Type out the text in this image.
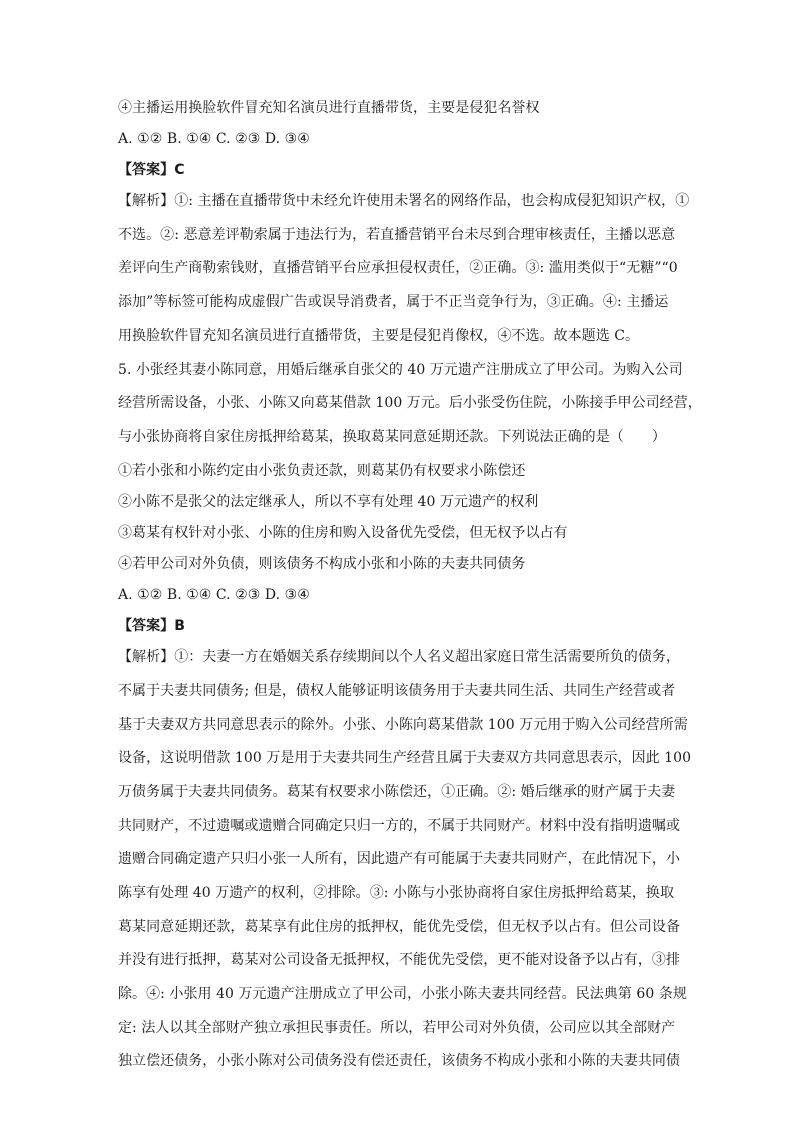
④主播运用换脸软件冒充知名演员进行直播带货，主要是侵犯名誉权

A. ①② B. ①④ C. ②③ D. ③④

【答案】C

【解析】①: 主播在直播带货中未经允许使用未署名的网络作品，也会构成侵犯知识产权，①

不选。②: 恶意差评勒索属于违法行为，若直播营销平台未尽到合理审核责任，主播以恶意

差评向生产商勒索钱财，直播营销平台应承担侵权责任，②正确。③: 滥用类似于“无糖”“0

添加”等标签可能构成虚假广告或误导消费者，属于不正当竞争行为，③正确。④: 主播运

用换脸软件冒充知名演员进行直播带货，主要是侵犯肖像权，④不选。故本题选 C。

5. 小张经其妻小陈同意，用婚后继承自张父的 40 万元遗产注册成立了甲公司。为购入公司

经营所需设备，小张、小陈又向葛某借款 100 万元。后小张受伤住院，小陈接手甲公司经营，

与小张协商将自家住房抵押给葛某，换取葛某同意延期还款。下列说法正确的是（　　）

①若小张和小陈约定由小张负责还款，则葛某仍有权要求小陈偿还

②小陈不是张父的法定继承人，所以不享有处理 40 万元遗产的权利

③葛某有权针对小张、小陈的住房和购入设备优先受偿，但无权予以占有

④若甲公司对外负债，则该债务不构成小张和小陈的夫妻共同债务

A. ①② B. ①④ C. ②③ D. ③④

【答案】B

【解析】①：夫妻一方在婚姻关系存续期间以个人名义超出家庭日常生活需要所负的债务，

不属于夫妻共同债务; 但是，债权人能够证明该债务用于夫妻共同生活、共同生产经营或者

基于夫妻双方共同意思表示的除外。小张、小陈向葛某借款 100 万元用于购入公司经营所需

设备，这说明借款 100 万是用于夫妻共同生产经营且属于夫妻双方共同意思表示，因此 100

万债务属于夫妻共同债务。葛某有权要求小陈偿还，①正确。②: 婚后继承的财产属于夫妻

共同财产，不过遗嘱或遗赠合同确定只归一方的，不属于共同财产。材料中没有指明遗嘱或

遗赠合同确定遗产只归小张一人所有，因此遗产有可能属于夫妻共同财产，在此情况下，小

陈享有处理 40 万遗产的权利，②排除。③: 小陈与小张协商将自家住房抵押给葛某，换取

葛某同意延期还款，葛某享有此住房的抵押权，能优先受偿，但无权予以占有。但公司设备

并没有进行抵押，葛某对公司设备无抵押权，不能优先受偿，更不能对设备予以占有，③排

除。④: 小张用 40 万元遗产注册成立了甲公司，小张小陈夫妻共同经营。民法典第 60 条规

定: 法人以其全部财产独立承担民事责任。所以，若甲公司对外负债，公司应以其全部财产

独立偿还债务，小张小陈对公司债务没有偿还责任，该债务不构成小张和小陈的夫妻共同债
